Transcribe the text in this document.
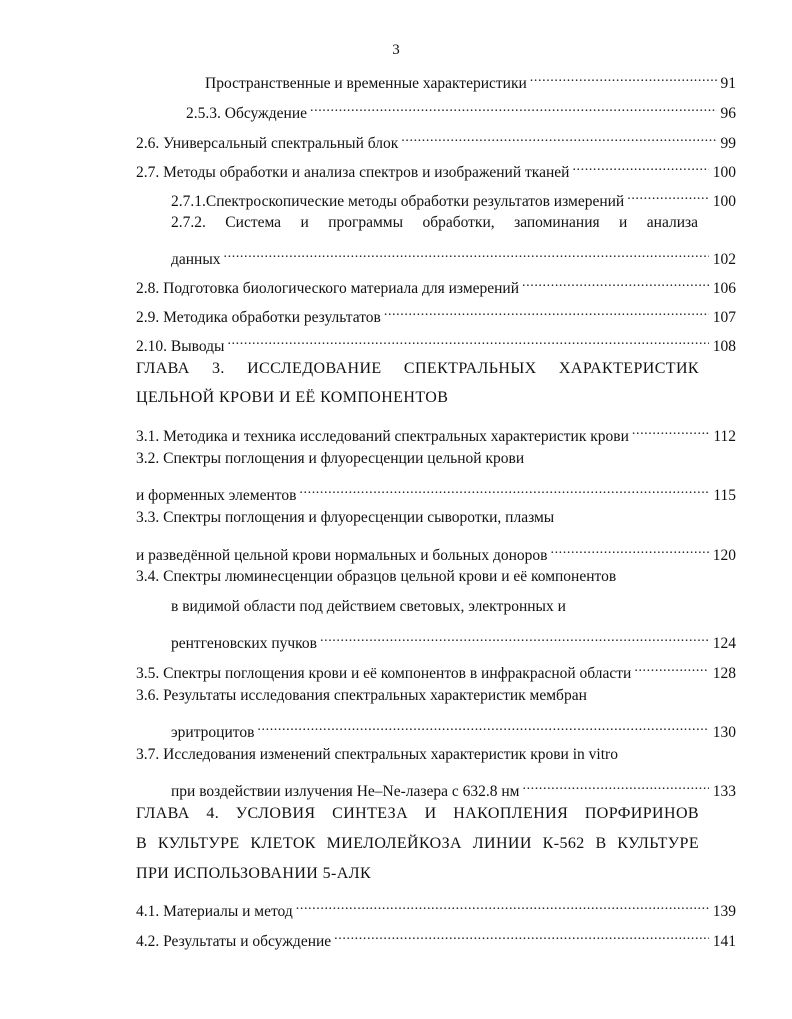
3
Пространственные и временные характеристики .....	91
2.5.3. Обсуждение .....	96
2.6. Универсальный спектральный блок .....	99
2.7. Методы обработки и анализа спектров и изображений тканей .....	100
2.7.1.Спектроскопические методы обработки результатов измерений .....	100
2.7.2. Система и программы обработки, запоминания и анализа
данных .....	102
2.8. Подготовка биологического материала для измерений .....	106
2.9. Методика обработки результатов .....	107
2.10. Выводы .....	108
ГЛАВА 3. ИССЛЕДОВАНИЕ СПЕКТРАЛЬНЫХ ХАРАКТЕРИСТИК
ЦЕЛЬНОЙ КРОВИ И ЕЁ КОМПОНЕНТОВ
3.1. Методика и техника исследований спектральных характеристик крови .....	112
3.2. Спектры поглощения и флуоресценции цельной крови
и форменных элементов .....	115
3.3. Спектры поглощения и флуоресценции сыворотки, плазмы
и разведённой цельной крови нормальных и больных доноров .....	120
3.4. Спектры люминесценции образцов цельной крови и её компонентов
в видимой области под действием световых, электронных и
рентгеновских пучков .....	124
3.5. Спектры поглощения крови и её компонентов в инфракрасной области .....	128
3.6. Результаты исследования спектральных характеристик мембран
эритроцитов .....	130
3.7. Исследования изменений спектральных характеристик крови in vitro
при воздействии излучения He–Ne-лазера с 632.8 нм .....	133
ГЛАВА 4. УСЛОВИЯ СИНТЕЗА И НАКОПЛЕНИЯ ПОРФИРИНОВ
В КУЛЬТУРЕ КЛЕТОК МИЕЛОЛЕЙКОЗА ЛИНИИ К-562 В КУЛЬТУРЕ
ПРИ ИСПОЛЬЗОВАНИИ 5-АЛК
4.1. Материалы и метод .....	139
4.2. Результаты и обсуждение .....	141
